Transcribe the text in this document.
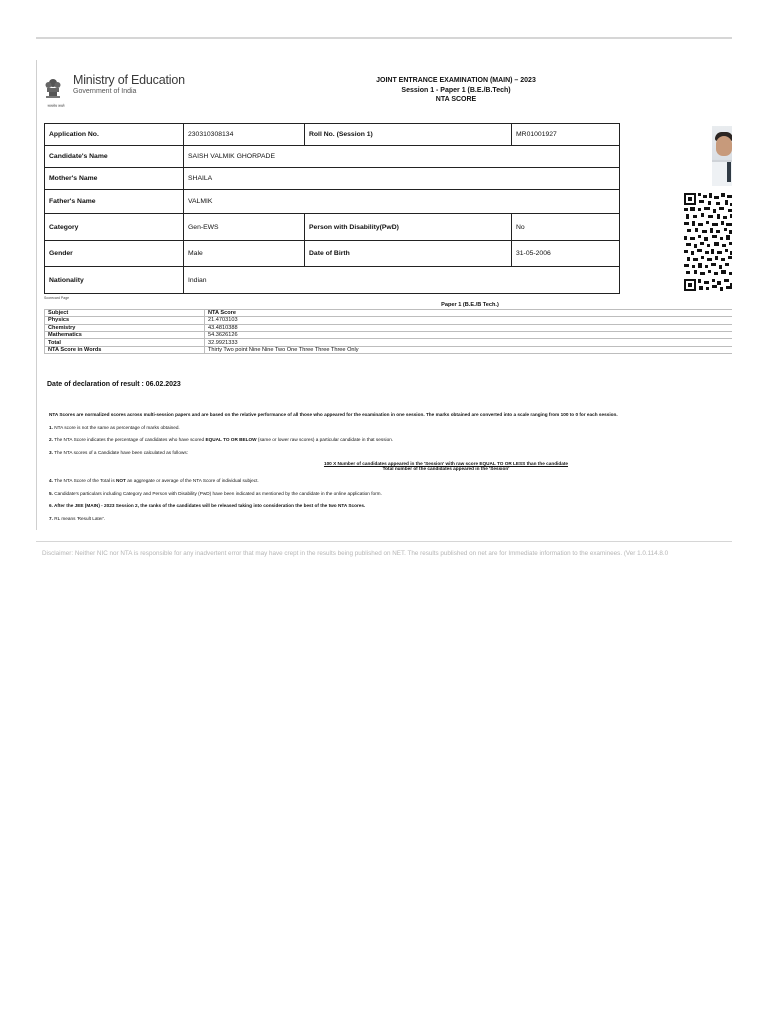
सत्यमेव जयते
Ministry of Education
Government of India
JOINT ENTRANCE EXAMINATION (MAIN) – 2023
Session 1 - Paper 1 (B.E./B.Tech)
NTA SCORE
Application No.	230310308134	Roll No. (Session 1)	MR01001927	
Candidate's Name	SAISH VALMIK GHORPADE			
Mother's Name	SHAILA			
Father's Name	VALMIK			
Category	Gen-EWS	Person with Disability(PwD)	No	
Gender	Male	Date of Birth	31-05-2006	
Nationality	Indian			
Scorecard Page
	Paper 1 (B.E./B Tech.)
Subject	NTA Score
Physics	21.4703103
Chemistry	43.4810388
Mathematics	54.3626126
Total	32.9921333
NTA Score in Words	Thirty Two point Nine Nine Two One Three Three Three Only
Date of declaration of result : 06.02.2023

NTA Scores are normalized scores across multi-session papers and are based on the relative performance of all those who appeared for the examination in one session. The marks obtained are converted into a scale ranging from 100 to 0 for each session.

1. NTA score is not the same as percentage of marks obtained.

2. The NTA Score indicates the percentage of candidates who have scored EQUAL TO OR BELOW (same or lower raw scores) a particular candidate in that session.

3. The NTA scores of a Candidate have been calculated as follows:

4. The NTA Score of the Total is NOT an aggregate or average of the NTA Score of individual subject.

5. Candidate's particulars including Category and Person with Disability (PwD) have been indicated as mentioned by the candidate in the online application form.

6. After the JEE (MAIN) - 2023 Session 2, the ranks of the candidates will be released taking into consideration the best of the two NTA Scores.

7. RL means 'Result Later'.

100 X Number of candidates appeared in the 'Session' with raw score EQUAL TO OR LESS than the candidate
Total number of the candidates appeared in the 'Session'
Disclaimer: Neither NIC nor NTA is responsible for any inadvertent error that may have crept in the results being published on NET. The results published on net are for Immediate information to the examinees. (Ver 1.0.114.8.0
